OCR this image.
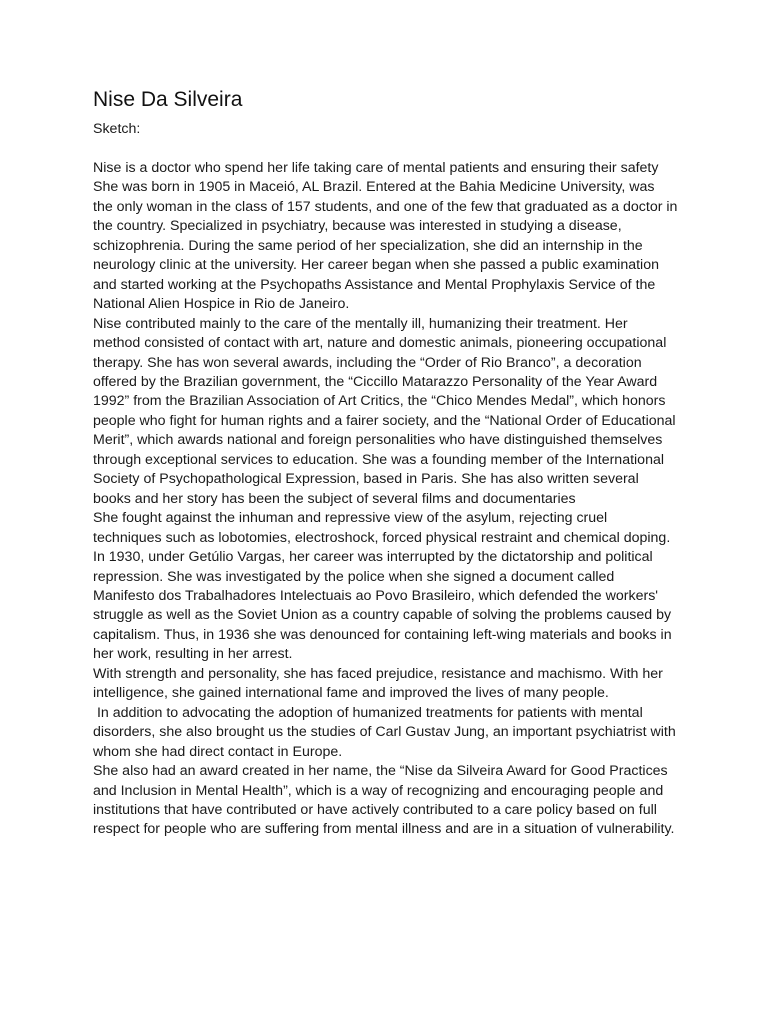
Nise Da Silveira

Sketch:

Nise is a doctor who spend her life taking care of mental patients and ensuring their safety

She was born in 1905 in Maceió, AL Brazil. Entered at the Bahia Medicine University, was the only woman in the class of 157 students, and one of the few that graduated as a doctor in the country. Specialized in psychiatry, because was interested in studying a disease, schizophrenia. During the same period of her specialization, she did an internship in the neurology clinic at the university. Her career began when she passed a public examination and started working at the Psychopaths Assistance and Mental Prophylaxis Service of the National Alien Hospice in Rio de Janeiro.

Nise contributed mainly to the care of the mentally ill, humanizing their treatment. Her method consisted of contact with art, nature and domestic animals, pioneering occupational therapy. She has won several awards, including the “Order of Rio Branco”, a decoration offered by the Brazilian government, the “Ciccillo Matarazzo Personality of the Year Award 1992” from the Brazilian Association of Art Critics, the “Chico Mendes Medal”, which honors people who fight for human rights and a fairer society, and the “National Order of Educational Merit”, which awards national and foreign personalities who have distinguished themselves through exceptional services to education. She was a founding member of the International Society of Psychopathological Expression, based in Paris. She has also written several books and her story has been the subject of several films and documentaries

She fought against the inhuman and repressive view of the asylum, rejecting cruel techniques such as lobotomies, electroshock, forced physical restraint and chemical doping. In 1930, under Getúlio Vargas, her career was interrupted by the dictatorship and political repression. She was investigated by the police when she signed a document called Manifesto dos Trabalhadores Intelectuais ao Povo Brasileiro, which defended the workers' struggle as well as the Soviet Union as a country capable of solving the problems caused by capitalism. Thus, in 1936 she was denounced for containing left-wing materials and books in her work, resulting in her arrest.

With strength and personality, she has faced prejudice, resistance and machismo. With her intelligence, she gained international fame and improved the lives of many people.

In addition to advocating the adoption of humanized treatments for patients with mental disorders, she also brought us the studies of Carl Gustav Jung, an important psychiatrist with whom she had direct contact in Europe.

She also had an award created in her name, the “Nise da Silveira Award for Good Practices and Inclusion in Mental Health”, which is a way of recognizing and encouraging people and institutions that have contributed or have actively contributed to a care policy based on full respect for people who are suffering from mental illness and are in a situation of vulnerability.
